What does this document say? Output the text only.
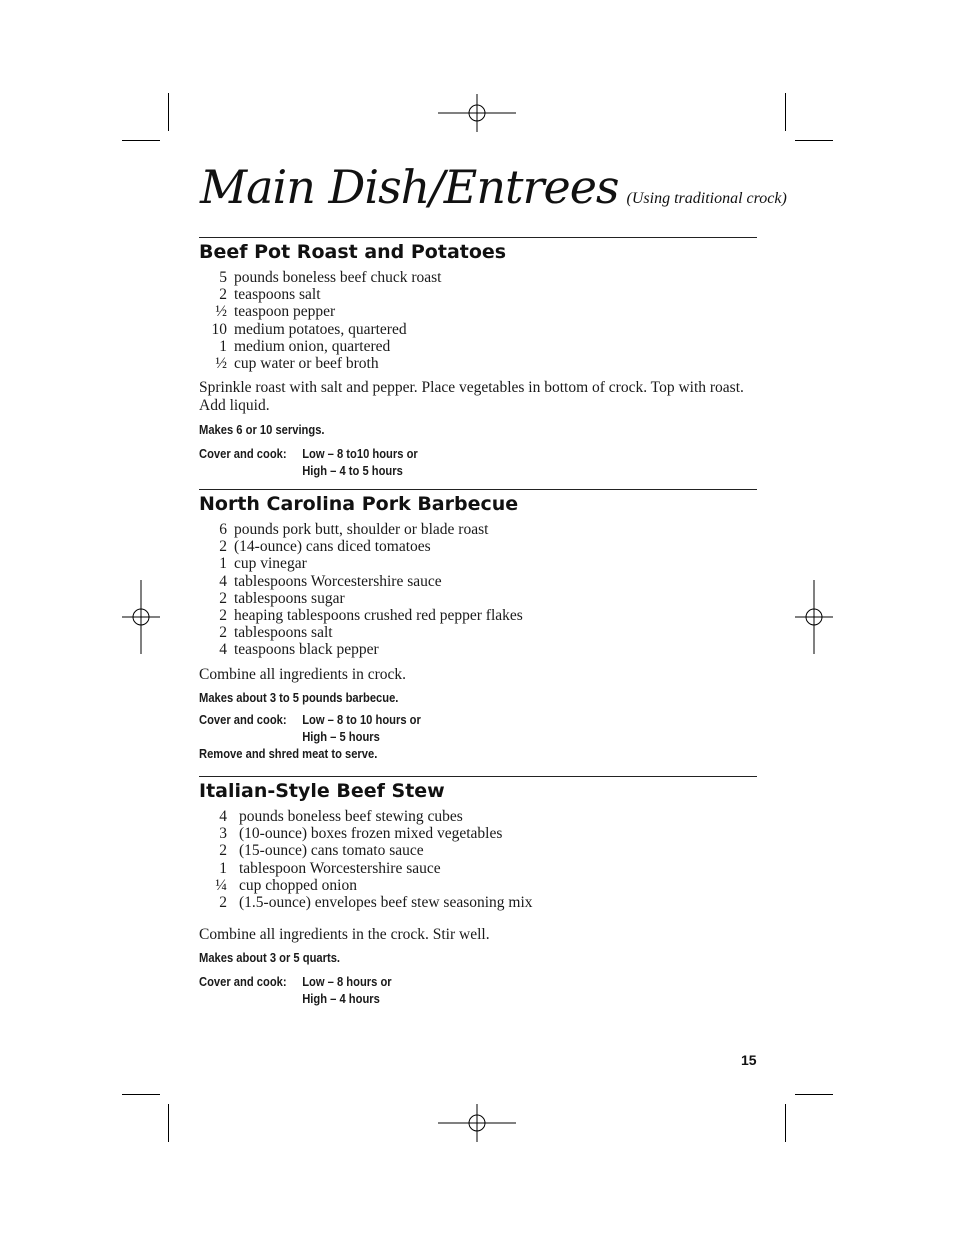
Main Dish/Entrees (Using traditional crock)
Beef Pot Roast and Potatoes
5 pounds boneless beef chuck roast
2 teaspoons salt
½ teaspoon pepper
10 medium potatoes, quartered
1 medium onion, quartered
½ cup water or beef broth

Sprinkle roast with salt and pepper. Place vegetables in bottom of crock. Top with roast. Add liquid.

Makes 6 or 10 servings.

Cover and cook:	Low – 8 to10 hours or
High – 4 to 5 hours
North Carolina Pork Barbecue
6 pounds pork butt, shoulder or blade roast
2 (14-ounce) cans diced tomatoes
1 cup vinegar
4 tablespoons Worcestershire sauce
2 tablespoons sugar
2 heaping tablespoons crushed red pepper flakes
2 tablespoons salt
4 teaspoons black pepper

Combine all ingredients in crock.

Makes about 3 to 5 pounds barbecue.

Cover and cook:	Low – 8 to 10 hours or
High – 5 hours

Remove and shred meat to serve.

Italian-Style Beef Stew
4 pounds boneless beef stewing cubes
3 (10-ounce) boxes frozen mixed vegetables
2 (15-ounce) cans tomato sauce
1 tablespoon Worcestershire sauce
¼ cup chopped onion
2 (1.5-ounce) envelopes beef stew seasoning mix

Combine all ingredients in the crock. Stir well.

Makes about 3 or 5 quarts.

Cover and cook:	Low – 8 hours or
High – 4 hours
15
